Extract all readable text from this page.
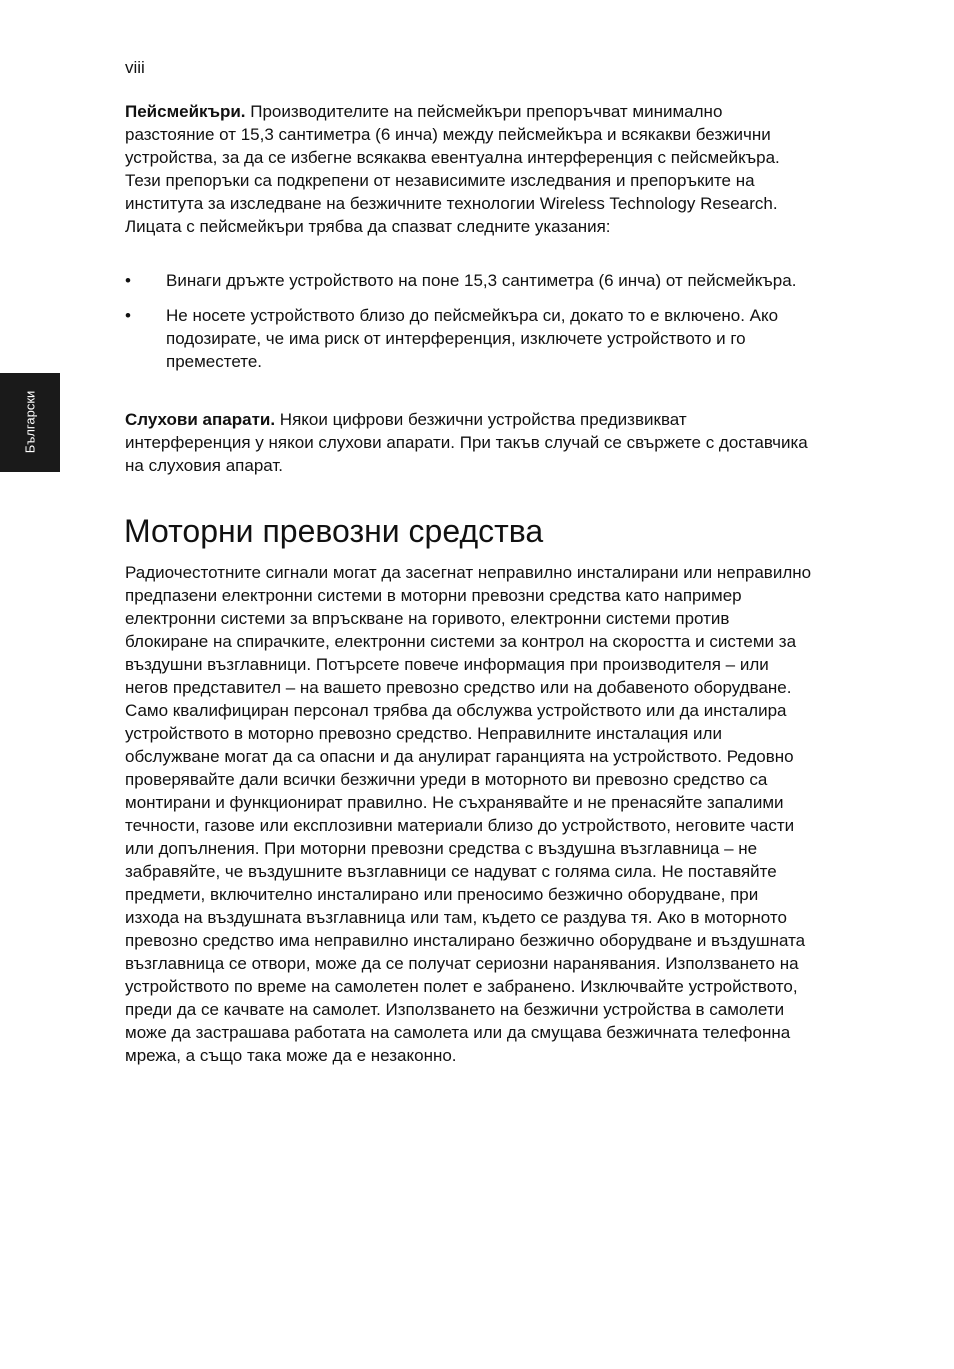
viii
Български

Пейсмейкъри. Производителите на пейсмейкъри препоръчват минимално разстояние от 15,3 сантиметра (6 инча) между пейсмейкъра и всякакви безжични устройства, за да се избегне всякаква евентуална интерференция с пейсмейкъра. Тези препоръки са подкрепени от независимите изследвания и препоръките на института за изследване на безжичните технологии Wireless Technology Research. Лицата с пейсмейкъри трябва да спазват следните указания:

• Винаги дръжте устройството на поне 15,3 сантиметра (6 инча) от пейсмейкъра.
• Не носете устройството близо до пейсмейкъра си, докато то е включено. Ако подозирате, че има риск от интерференция, изключете устройството и го преместете.

Слухови апарати. Някои цифрови безжични устройства предизвикват интерференция у някои слухови апарати. При такъв случай се свържете с доставчика на слуховия апарат.

Моторни превозни средства

Радиочестотните сигнали могат да засегнат неправилно инсталирани или неправилно предпазени електронни системи в моторни превозни средства като например електронни системи за впръскване на горивото, електронни системи против блокиране на спирачките, електронни системи за контрол на скоростта и системи за въздушни възглавници. Потърсете повече информация при производителя – или негов представител – на вашето превозно средство или на добавеното оборудване. Само квалифициран персонал трябва да обслужва устройството или да инсталира устройството в моторно превозно средство. Неправилните инсталация или обслужване могат да са опасни и да анулират гаранцията на устройството. Редовно проверявайте дали всички безжични уреди в моторното ви превозно средство са монтирани и функционират правилно. Не съхранявайте и не пренасяйте запалими течности, газове или експлозивни материали близо до устройството, неговите части или допълнения. При моторни превозни средства с въздушна възглавница – не забравяйте, че въздушните възглавници се надуват с голяма сила. Не поставяйте предмети, включително инсталирано или преносимо безжично оборудване, при изхода на въздушната възглавница или там, където се раздува тя. Ако в моторното превозно средство има неправилно инсталирано безжично оборудване и въздушната възглавница се отвори, може да се получат сериозни наранявания. Използването на устройството по време на самолетен полет е забранено. Изключвайте устройството, преди да се качвате на самолет. Използването на безжични устройства в самолети може да застрашава работата на самолета или да смущава безжичната телефонна мрежа, а също така може да е незаконно.
